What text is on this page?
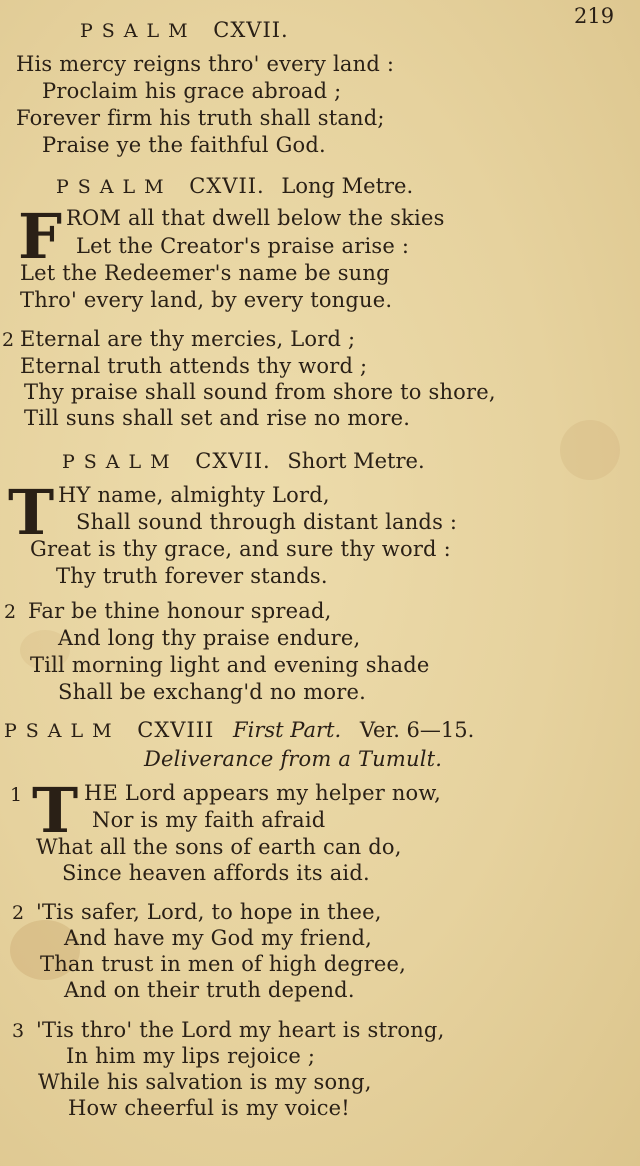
219
PSALM CXVII.
His mercy reigns thro' every land :
Proclaim his grace abroad ;
Forever firm his truth shall stand;
Praise ye the faithful God.
PSALM CXVII. Long Metre.
F ROM all that dwell below the skies
Let the Creator's praise arise :
Let the Redeemer's name be sung
Thro' every land, by every tongue.
2 Eternal are thy mercies, Lord ;
Eternal truth attends thy word ;
Thy praise shall sound from shore to shore,
Till suns shall set and rise no more.
PSALM CXVII. Short Metre.
T HY name, almighty Lord,
Shall sound through distant lands :
Great is thy grace, and sure thy word :
Thy truth forever stands.
2 Far be thine honour spread,
And long thy praise endure,
Till morning light and evening shade
Shall be exchang'd no more.
PSALM CXVIII First Part. Ver. 6—15.
Deliverance from a Tumult.
1 T HE Lord appears my helper now,
Nor is my faith afraid
What all the sons of earth can do,
Since heaven affords its aid.
2 'Tis safer, Lord, to hope in thee,
And have my God my friend,
Than trust in men of high degree,
And on their truth depend.
3 'Tis thro' the Lord my heart is strong,
In him my lips rejoice ;
While his salvation is my song,
How cheerful is my voice!
